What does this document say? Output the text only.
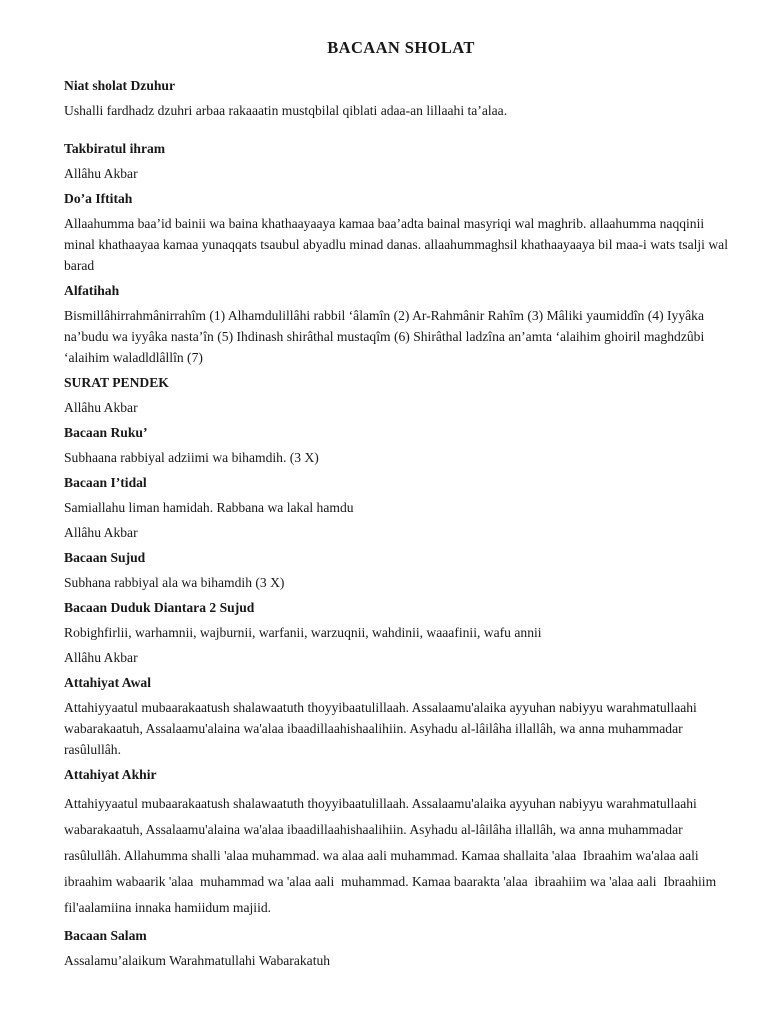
BACAAN SHOLAT
Niat sholat Dzuhur
Ushalli fardhadz dzuhri arbaa rakaaatin mustqbilal qiblati adaa-an lillaahi ta’alaa.
Takbiratul ihram
Allâhu Akbar
Do’a Iftitah
Allaahumma baa’id bainii wa baina khathaayaaya kamaa baa’adta bainal masyriqi wal maghrib. allaahumma naqqinii minal khathaayaa kamaa yunaqqats tsaubul abyadlu minad danas. allaahummaghsil khathaayaaya bil maa-i wats tsalji wal barad
Alfatihah
Bismillâhirrahmânirrahîm (1) Alhamdulillâhi rabbil ‘âlamîn (2) Ar-Rahmânir Rahîm (3) Mâliki yaumiddîn (4) Iyyâka na’budu wa iyyâka nasta’în (5) Ihdinash shirâthal mustaqîm (6) Shirâthal ladzîna an’amta ‘alaihim ghoiril maghdzûbi ‘alaihim waladldlâllîn (7)
SURAT PENDEK
Allâhu Akbar
Bacaan Ruku’
Subhaana rabbiyal adziimi wa bihamdih. (3 X)
Bacaan I’tidal
Samiallahu liman hamidah. Rabbana wa lakal hamdu
Allâhu Akbar
Bacaan Sujud
Subhana rabbiyal ala wa bihamdih (3 X)
Bacaan Duduk Diantara 2 Sujud
Robighfirlii, warhamnii, wajburnii, warfanii, warzuqnii, wahdinii, waaafinii, wafu annii
Allâhu Akbar
Attahiyat Awal
Attahiyyaatul mubaarakaatush shalawaatuth thoyyibaatulillaah. Assalaamu'alaika ayyuhan nabiyyu warahmatullaahi wabarakaatuh, Assalaamu'alaina wa'alaa ibaadillaahishaalihiin. Asyhadu al-lâilâha illallâh, wa anna muhammadar rasûlullâh.
Attahiyat Akhir
Attahiyyaatul mubaarakaatush shalawaatuth thoyyibaatulillaah. Assalaamu'alaika ayyuhan nabiyyu warahmatullaahi wabarakaatuh, Assalaamu'alaina wa'alaa ibaadillaahishaalihiin. Asyhadu al-lâilâha illallâh, wa anna muhammadar rasûlullâh. Allahumma shalli 'alaa muhammad. wa alaa aali muhammad. Kamaa shallaita 'alaa  Ibraahim wa'alaa aali  ibraahim wabaarik 'alaa  muhammad wa 'alaa aali  muhammad. Kamaa baarakta 'alaa  ibraahiim wa 'alaa aali  Ibraahiim fil'aalamiina innaka hamiidum majiid.
Bacaan Salam
Assalamu’alaikum Warahmatullahi Wabarakatuh
